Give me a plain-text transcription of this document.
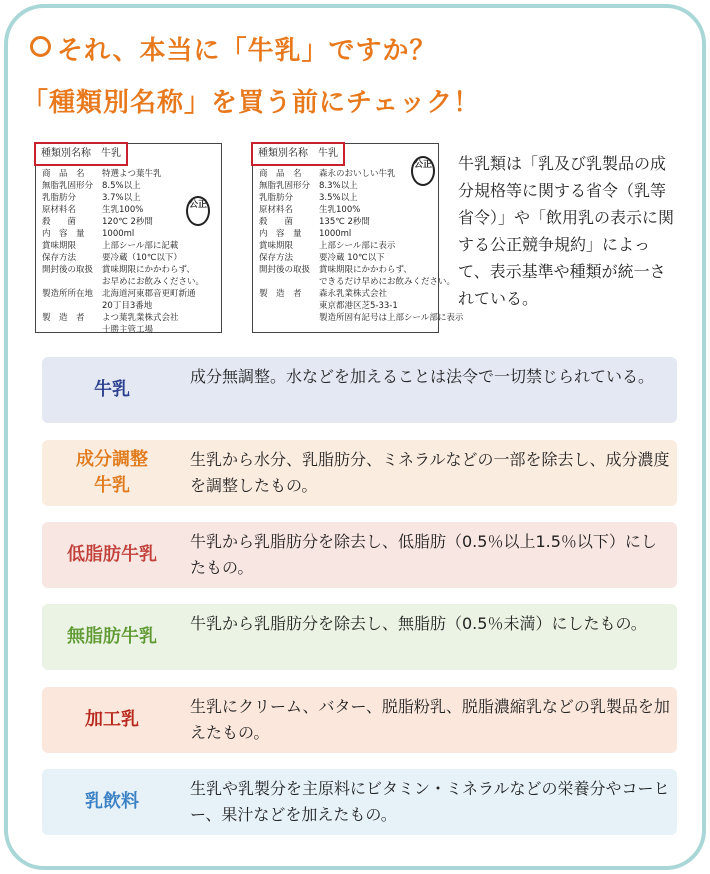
それ、本当に「牛乳」ですか？
「種類別名称」を買う前にチェック！
種類別名称　牛乳
商　品　名 特選よつ葉牛乳
無脂乳固形分 8.5%以上
乳脂肪分	3.7%以上
原材料名	生乳100%
殺　　菌	120℃ 2秒間
内　容　量 1000ml
賞味期限	上部シール部に記載
保存方法	要冷蔵（10℃以下）
開封後の取扱 賞味期限にかかわらず、
お早めにお飲みください。
製造所所在地 北海道河東郡音更町新通
20丁目3番地
製　造　者 よつ葉乳業株式会社
十勝主管工場
公正
種類別名称　牛乳
商　品　名 森永のおいしい牛乳
無脂乳固形分 8.3%以上
乳脂肪分	3.5%以上
原材料名	生乳100%
殺　　菌	135℃ 2秒間
内　容　量 1000ml
賞味期限	上部シール部に表示
保存方法	要冷蔵 10℃以下
開封後の取扱 賞味期限にかかわらず、
できるだけ早めにお飲みください。
製　造　者 森永乳業株式会社
東京都港区芝5-33-1
製造所固有記号は上部シール部に表示
公正 牛乳類は「乳及び乳製品の成分規格等に関する省令（乳等省令）」や「飲用乳の表示に関する公正競争規約」によって、表示基準や種類が統一されている。
牛乳
成分無調整。水などを加えることは法令で一切禁じられている。
成分調整
牛乳
生乳から水分、乳脂肪分、ミネラルなどの一部を除去し、成分濃度を調整したもの。
低脂肪牛乳
牛乳から乳脂肪分を除去し、低脂肪（0.5％以上1.5％以下）にしたもの。
無脂肪牛乳
牛乳から乳脂肪分を除去し、無脂肪（0.5％未満）にしたもの。
加工乳
生乳にクリーム、バター、脱脂粉乳、脱脂濃縮乳などの乳製品を加えたもの。
乳飲料
生乳や乳製分を主原料にビタミン・ミネラルなどの栄養分やコーヒー、果汁などを加えたもの。
